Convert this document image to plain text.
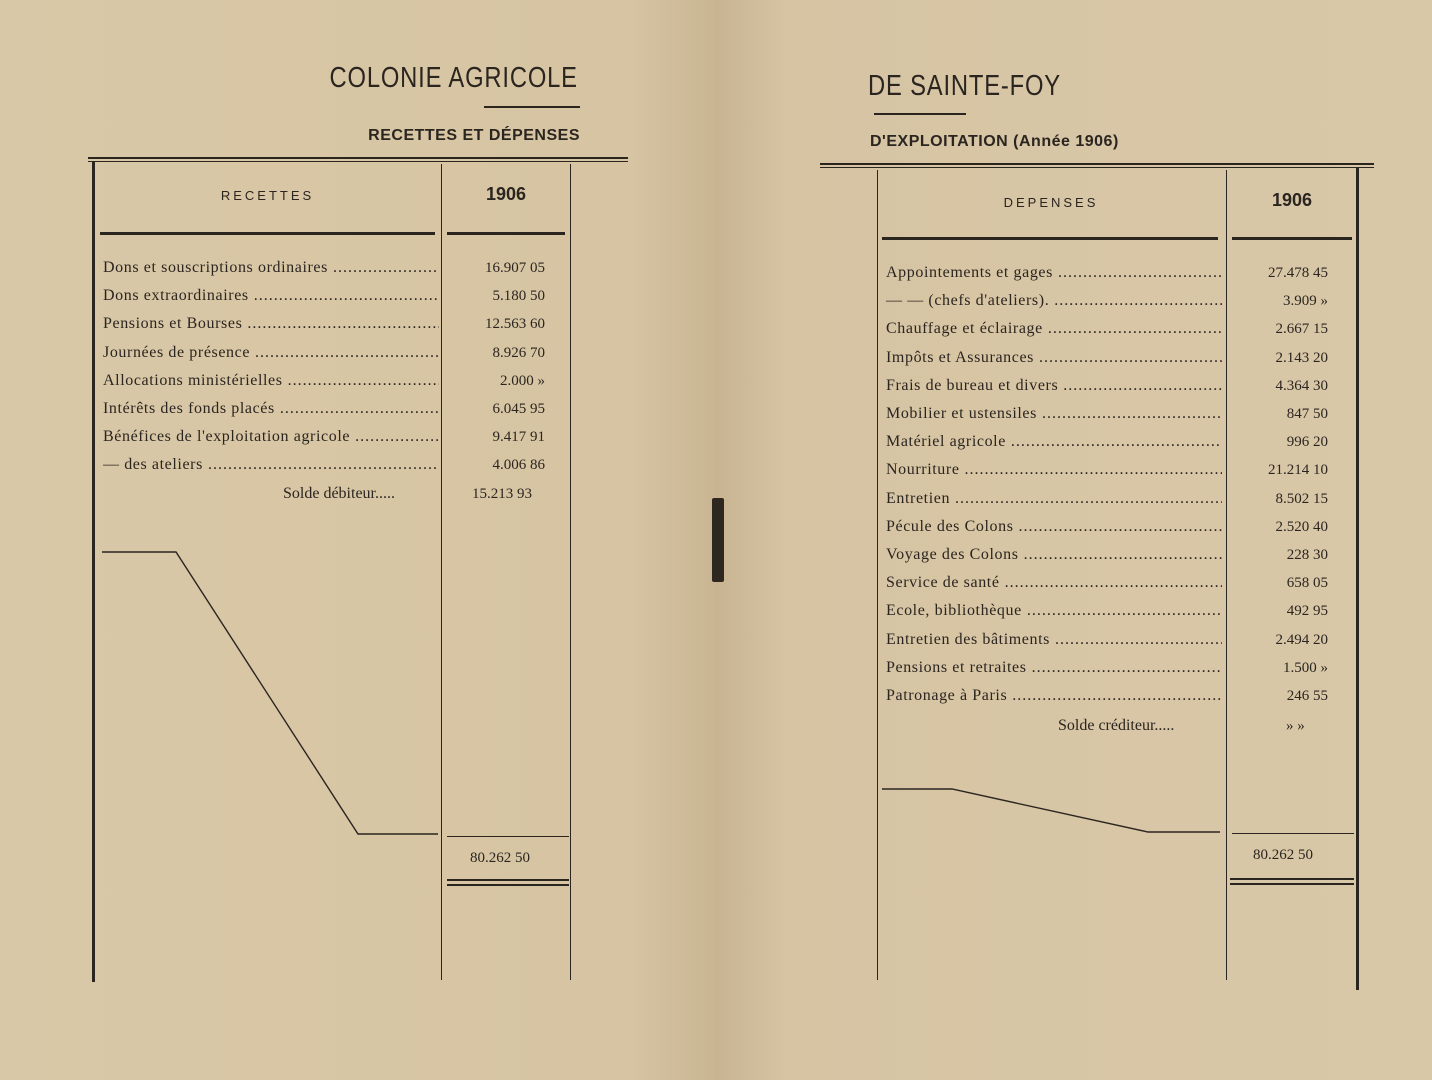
COLONIE AGRICOLE
RECETTES ET DÉPENSES
RECETTES	1906
Dons et souscriptions ordinaires .....	16.907 05
Dons extraordinaires .....	5.180 50
Pensions et Bourses .....	12.563 60
Journées de présence .....	8.926 70
Allocations ministérielles .....	2.000 »
Intérêts des fonds placés .....	6.045 95
Bénéfices de l'exploitation agricole .....	9.417 91
— des ateliers .....	4.006 86
Solde débiteur.....	15.213 93
80.262 50
DE SAINTE-FOY
D'EXPLOITATION (Année 1906)
DEPENSES	1906
Appointements et gages .....	27.478 45
— — (chefs d'ateliers). .....	3.909 »
Chauffage et éclairage .....	2.667 15
Impôts et Assurances .....	2.143 20
Frais de bureau et divers .....	4.364 30
Mobilier et ustensiles .....	847 50
Matériel agricole .....	996 20
Nourriture .....	21.214 10
Entretien .....	8.502 15
Pécule des Colons .....	2.520 40
Voyage des Colons .....	228 30
Service de santé .....	658 05
Ecole, bibliothèque .....	492 95
Entretien des bâtiments .....	2.494 20
Pensions et retraites .....	1.500 »
Patronage à Paris .....	246 55
Solde créditeur.....	» »
80.262 50
